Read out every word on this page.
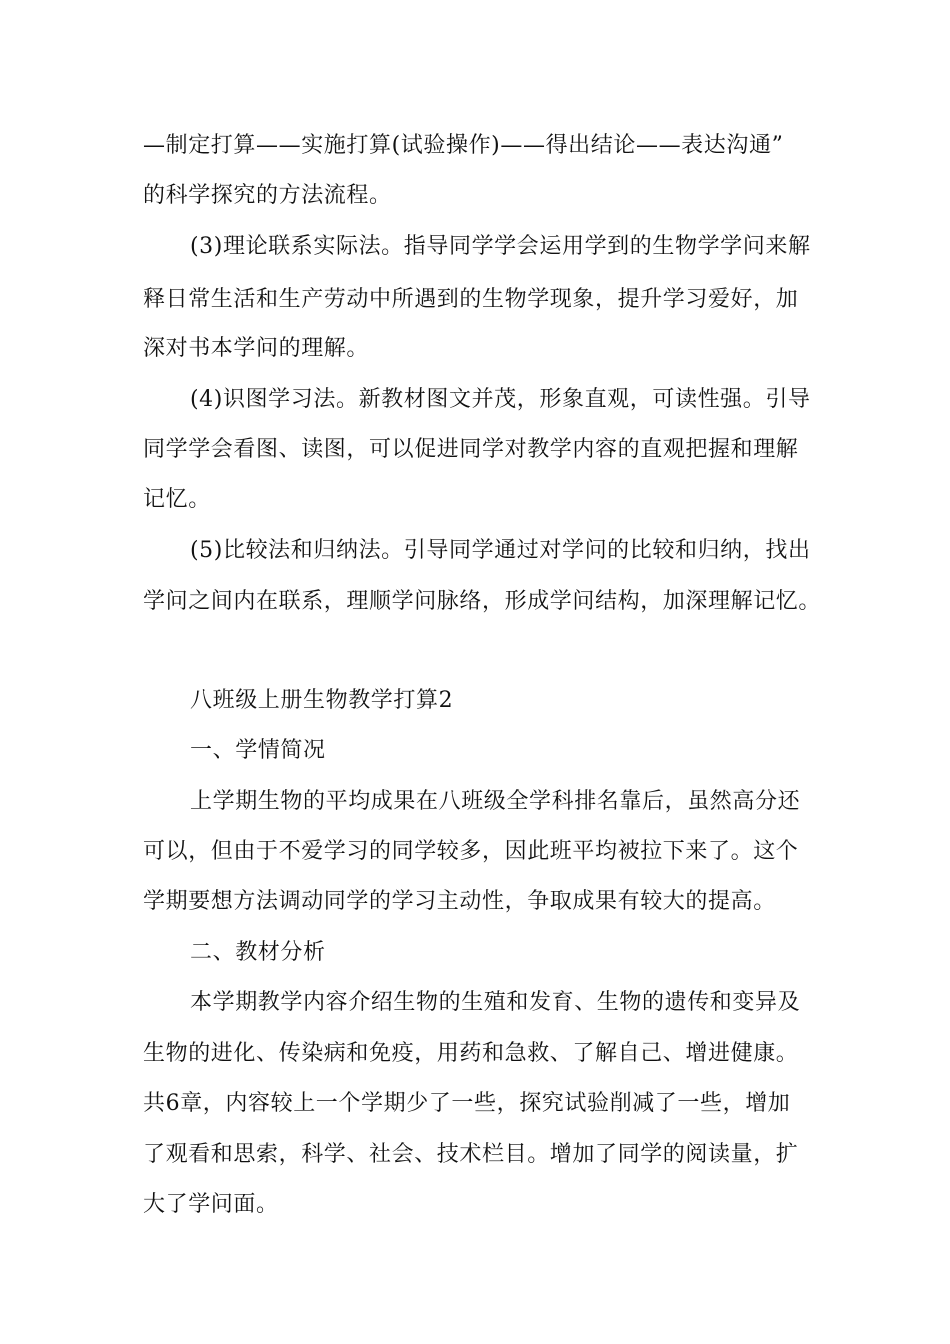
—制定打算——实施打算(试验操作)——得出结论——表达沟通”
的科学探究的方法流程。
(3)理论联系实际法。指导同学学会运用学到的生物学学问来解
释日常生活和生产劳动中所遇到的生物学现象，提升学习爱好，加
深对书本学问的理解。
(4)识图学习法。新教材图文并茂，形象直观，可读性强。引导
同学学会看图、读图，可以促进同学对教学内容的直观把握和理解
记忆。
(5)比较法和归纳法。引导同学通过对学问的比较和归纳，找出
学问之间内在联系，理顺学问脉络，形成学问结构，加深理解记忆。
八班级上册生物教学打算2
一、学情简况
上学期生物的平均成果在八班级全学科排名靠后，虽然高分还
可以，但由于不爱学习的同学较多，因此班平均被拉下来了。这个
学期要想方法调动同学的学习主动性，争取成果有较大的提高。
二、教材分析
本学期教学内容介绍生物的生殖和发育、生物的遗传和变异及
生物的进化、传染病和免疫，用药和急救、了解自己、增进健康。
共6章，内容较上一个学期少了一些，探究试验削减了一些，增加
了观看和思索，科学、社会、技术栏目。增加了同学的阅读量，扩
大了学问面。
